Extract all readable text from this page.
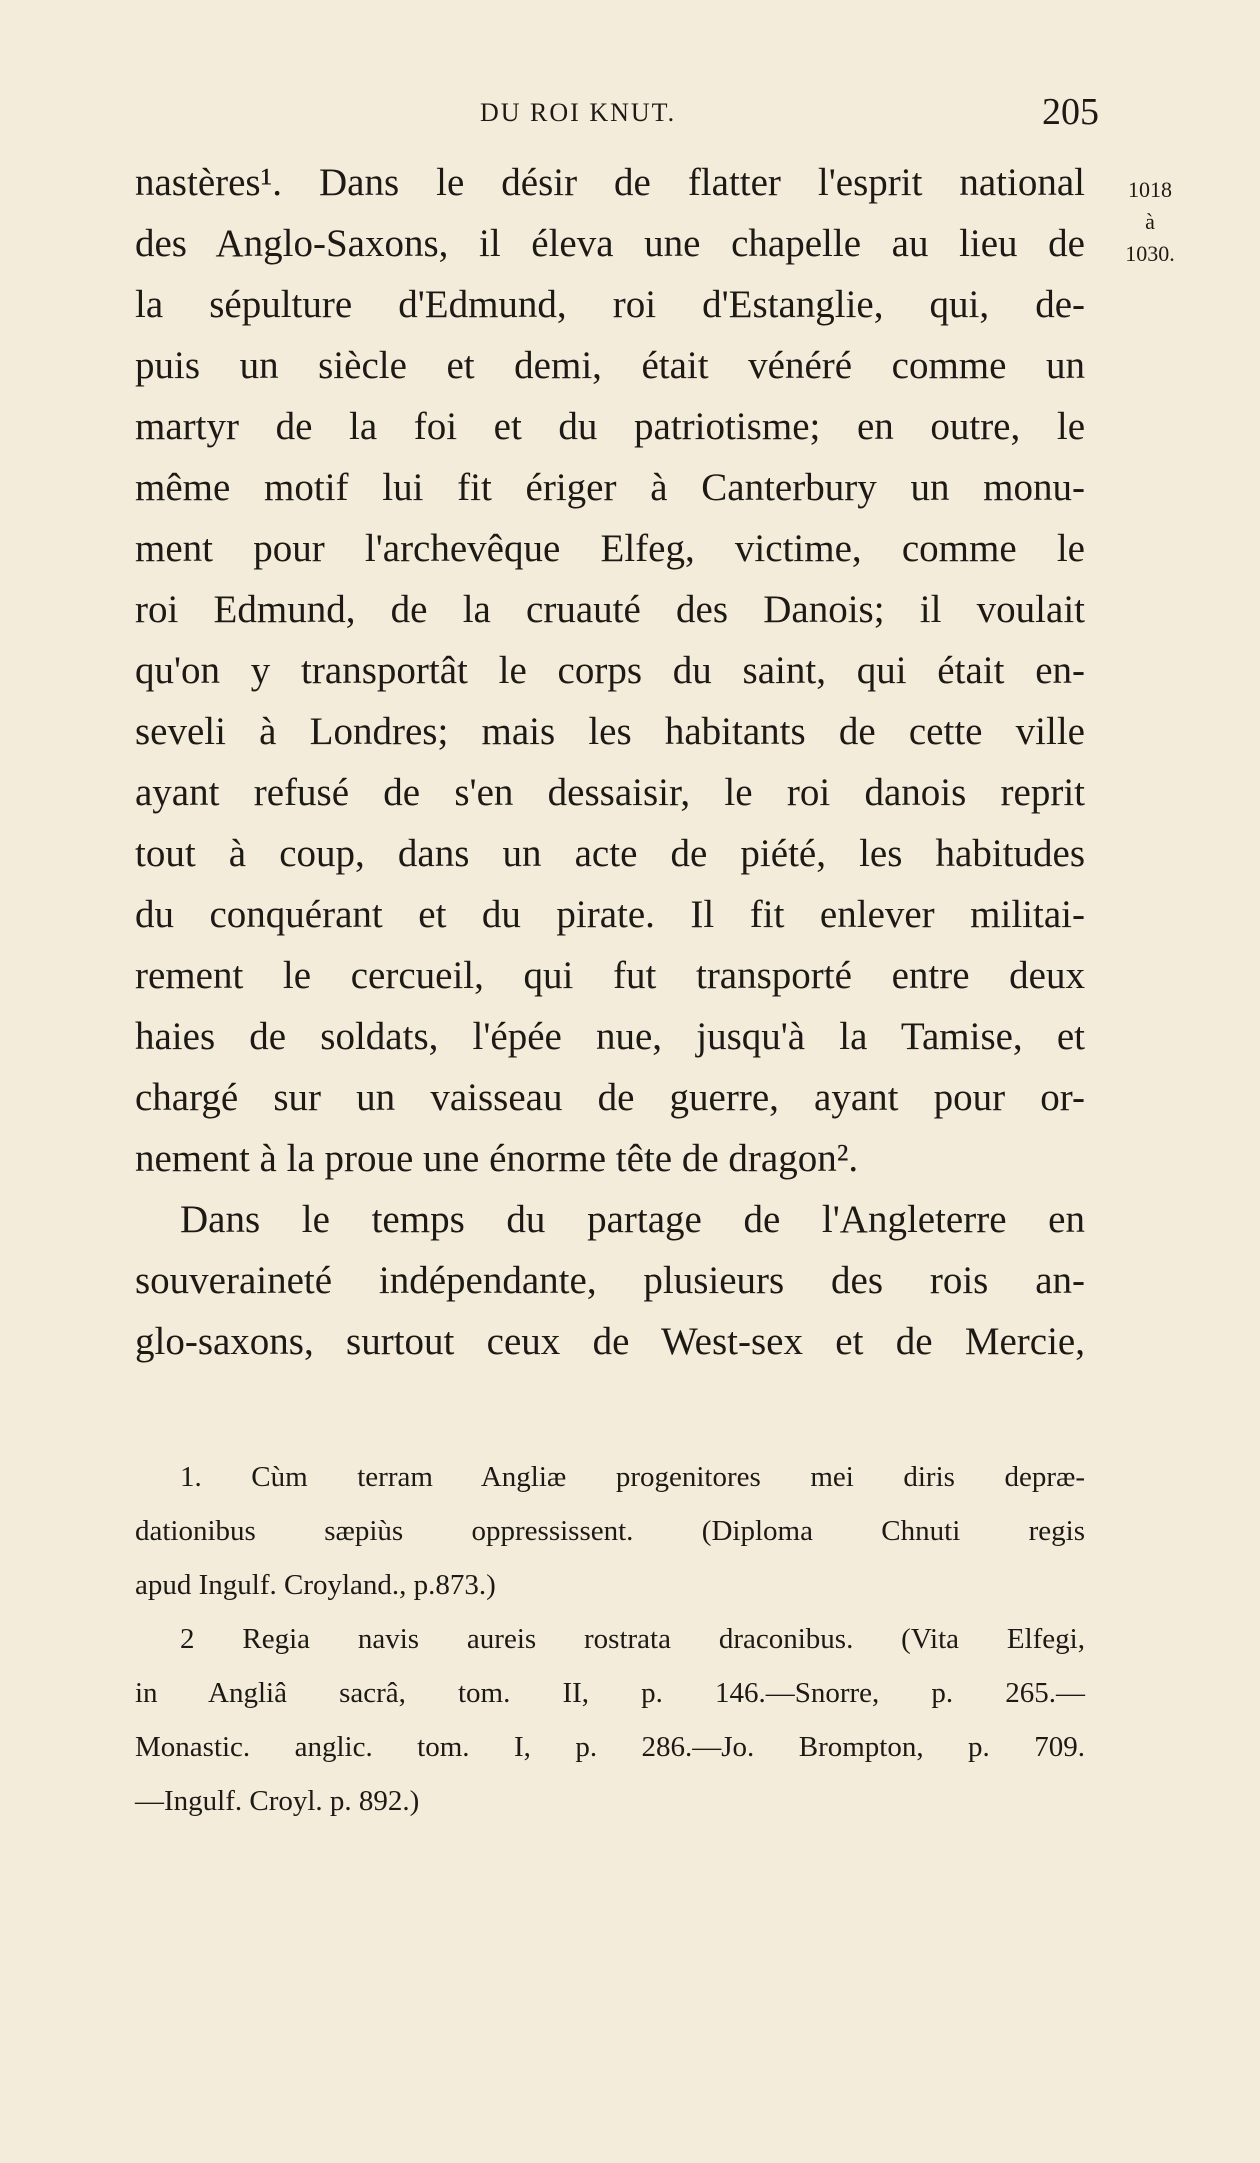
DU ROI KNUT.	205
1018
à
1030.
nastères¹. Dans le désir de flatter l'esprit national
des Anglo-Saxons, il éleva une chapelle au lieu de
la sépulture d'Edmund, roi d'Estanglie, qui, de-
puis un siècle et demi, était vénéré comme un
martyr de la foi et du patriotisme; en outre, le
même motif lui fit ériger à Canterbury un monu-
ment pour l'archevêque Elfeg, victime, comme le
roi Edmund, de la cruauté des Danois; il voulait
qu'on y transportât le corps du saint, qui était en-
seveli à Londres; mais les habitants de cette ville
ayant refusé de s'en dessaisir, le roi danois reprit
tout à coup, dans un acte de piété, les habitudes
du conquérant et du pirate. Il fit enlever militai-
rement le cercueil, qui fut transporté entre deux
haies de soldats, l'épée nue, jusqu'à la Tamise, et
chargé sur un vaisseau de guerre, ayant pour or-
nement à la proue une énorme tête de dragon².
Dans le temps du partage de l'Angleterre en
souveraineté indépendante, plusieurs des rois an-
glo-saxons, surtout ceux de West-sex et de Mercie,
1. Cùm terram Angliæ progenitores mei diris depræ-
dationibus sæpiùs oppressissent. (Diploma Chnuti regis
apud Ingulf. Croyland., p.873.)
2 Regia navis aureis rostrata draconibus. (Vita Elfegi,
in Angliâ sacrâ, tom. II, p. 146.—Snorre, p. 265.—
Monastic. anglic. tom. I, p. 286.—Jo. Brompton, p. 709.
—Ingulf. Croyl. p. 892.)
